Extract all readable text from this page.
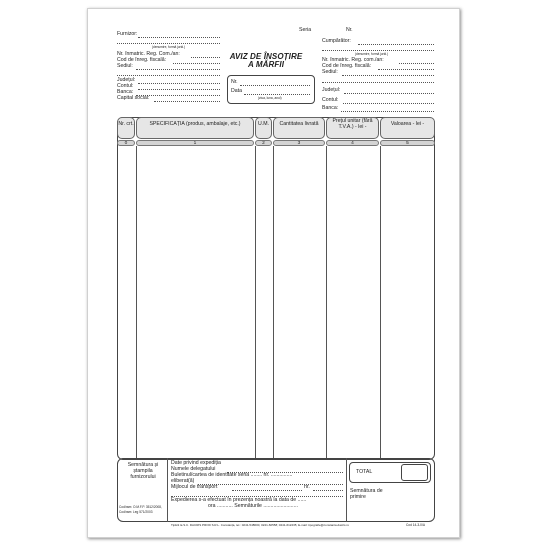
Furnizor:
(denumire, formă jurid.)
Nr. înmatric. Reg. Com./an:
Cod de înreg. fiscală:
Sediul:
Județul:
Contul:
Banca:
Capital social:
AVIZ DE ÎNSOȚIRE
A MĂRFII
Nr.
Data
(ziua, luna, anul)
Seria	Nr.
Cumpărător:
(denumire, formă jurid.)
Nr. înmatric. Reg. com./an:
Cod de înreg. fiscală:
Sediul:
Județul:
Contul:
Banca:
Nr. crt.	SPECIFICAȚIA (produs, ambalaje, etc.)	U.M.	Cantitatea livrată	Prețul unitar (fără T.V.A.) - lei -	Valoarea - lei -
0	1	2	3	4	5
Semnătura și ștampila furnizorului
Cod/ram: O.M.F.P. 3512/2008,
Cod/ram: Leg 571/2003
Date privind expediția
Numele delegatului
Buletinul/cartea de identitate seria ........ nr. ...............
eliberat(ă)
Mijlocul de transport	nr.
Expedierea s-a efectuat în prezența noastră la data de ......
ora ........... Semnăturile ........................
TOTAL
Semnătura de primire
Tipărit la S.C. DACRIS PROD S.R.L. Constanța, tel.: 0241-548600, 0241-60558; 0241-612235; E-mail: tipografie@constanta.dacris.ro	Cod 14-3-0/A
